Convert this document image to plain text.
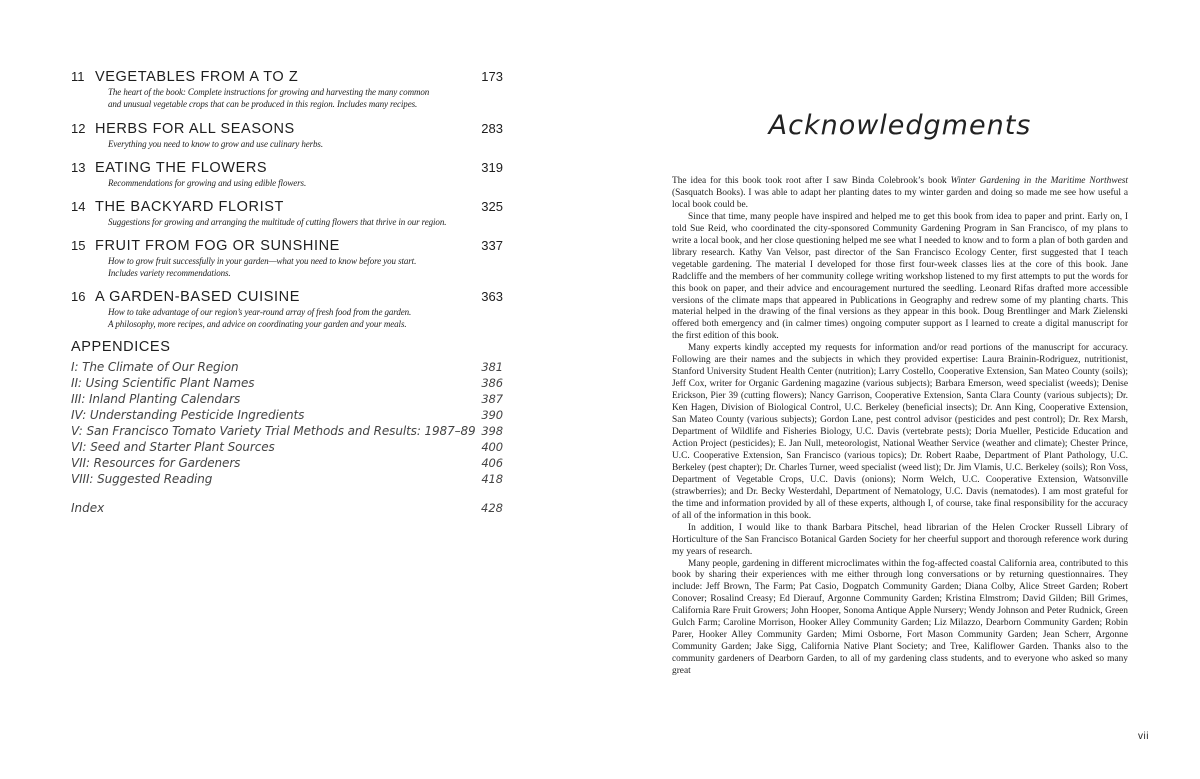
11 VEGETABLES FROM A TO Z	173
The heart of the book: Complete instructions for growing and harvesting the many common
and unusual vegetable crops that can be produced in this region. Includes many recipes.
12 HERBS FOR ALL SEASONS	283
Everything you need to know to grow and use culinary herbs.
13 EATING THE FLOWERS	319
Recommendations for growing and using edible flowers.
14 THE BACKYARD FLORIST	325
Suggestions for growing and arranging the multitude of cutting flowers that thrive in our region.
15 FRUIT FROM FOG OR SUNSHINE	337
How to grow fruit successfully in your garden—what you need to know before you start.
Includes variety recommendations.
16 A GARDEN-BASED CUISINE	363
How to take advantage of our region’s year-round array of fresh food from the garden.
A philosophy, more recipes, and advice on coordinating your garden and your meals.
APPENDICES
I: The Climate of Our Region	381
II: Using Scientific Plant Names	386
III: Inland Planting Calendars	387
IV: Understanding Pesticide Ingredients	390
V: San Francisco Tomato Variety Trial Methods and Results: 1987–89 398
VI: Seed and Starter Plant Sources	400
VII: Resources for Gardeners	406
VIII: Suggested Reading	418
Index	428
Acknowledgments

The idea for this book took root after I saw Binda Colebrook’s book Winter Gardening in the Maritime Northwest (Sasquatch Books). I was able to adapt her planting dates to my winter garden and doing so made me see how useful a local book could be.

Since that time, many people have inspired and helped me to get this book from idea to paper and print. Early on, I told Sue Reid, who coordinated the city-sponsored Community Gardening Program in San Francisco, of my plans to write a local book, and her close questioning helped me see what I needed to know and to form a plan of both garden and library research. Kathy Van Velsor, past director of the San Francisco Ecology Center, first suggested that I teach vegetable gardening. The material I developed for those first four-week classes lies at the core of this book. Jane Radcliffe and the members of her community college writing workshop listened to my first attempts to put the words for this book on paper, and their advice and encouragement nurtured the seedling. Leonard Rifas drafted more accessible versions of the climate maps that appeared in Publications in Geography and redrew some of my planting charts. This material helped in the drawing of the final versions as they appear in this book. Doug Brentlinger and Mark Zielenski offered both emergency and (in calmer times) ongoing computer support as I learned to create a digital manuscript for the first edition of this book.

Many experts kindly accepted my requests for information and/or read portions of the manuscript for accuracy. Following are their names and the subjects in which they provided expertise: Laura Brainin-Rodriguez, nutritionist, Stanford University Student Health Center (nutrition); Larry Costello, Cooperative Extension, San Mateo County (soils); Jeff Cox, writer for Organic Gardening magazine (various subjects); Barbara Emerson, weed specialist (weeds); Denise Erickson, Pier 39 (cutting flowers); Nancy Garrison, Cooperative Extension, Santa Clara County (various subjects); Dr. Ken Hagen, Division of Biological Control, U.C. Berkeley (beneficial insects); Dr. Ann King, Cooperative Extension, San Mateo County (various subjects); Gordon Lane, pest control advisor (pesticides and pest control); Dr. Rex Marsh, Department of Wildlife and Fisheries Biology, U.C. Davis (vertebrate pests); Doria Mueller, Pesticide Education and Action Project (pesticides); E. Jan Null, meteorologist, National Weather Service (weather and climate); Chester Prince, U.C. Cooperative Extension, San Francisco (various topics); Dr. Robert Raabe, Department of Plant Pathology, U.C. Berkeley (pest chapter); Dr. Charles Turner, weed specialist (weed list); Dr. Jim Vlamis, U.C. Berkeley (soils); Ron Voss, Department of Vegetable Crops, U.C. Davis (onions); Norm Welch, U.C. Cooperative Extension, Watsonville (strawberries); and Dr. Becky Westerdahl, Department of Nematology, U.C. Davis (nematodes). I am most grateful for the time and information provided by all of these experts, although I, of course, take final responsibility for the accuracy of all of the information in this book.

In addition, I would like to thank Barbara Pitschel, head librarian of the Helen Crocker Russell Library of Horticulture of the San Francisco Botanical Garden Society for her cheerful support and thorough reference work during my years of research.

Many people, gardening in different microclimates within the fog-affected coastal California area, contributed to this book by sharing their experiences with me either through long conversations or by returning questionnaires. They include: Jeff Brown, The Farm; Pat Casio, Dogpatch Community Garden; Diana Colby, Alice Street Garden; Robert Conover; Rosalind Creasy; Ed Dierauf, Argonne Community Garden; Kristina Elmstrom; David Gilden; Bill Grimes, California Rare Fruit Growers; John Hooper, Sonoma Antique Apple Nursery; Wendy Johnson and Peter Rudnick, Green Gulch Farm; Caroline Morrison, Hooker Alley Community Garden; Liz Milazzo, Dearborn Community Garden; Robin Parer, Hooker Alley Community Garden; Mimi Osborne, Fort Mason Community Garden; Jean Scherr, Argonne Community Garden; Jake Sigg, California Native Plant Society; and Tree, Kaliflower Garden. Thanks also to the community gardeners of Dearborn Garden, to all of my gardening class students, and to everyone who asked so many great

vii
